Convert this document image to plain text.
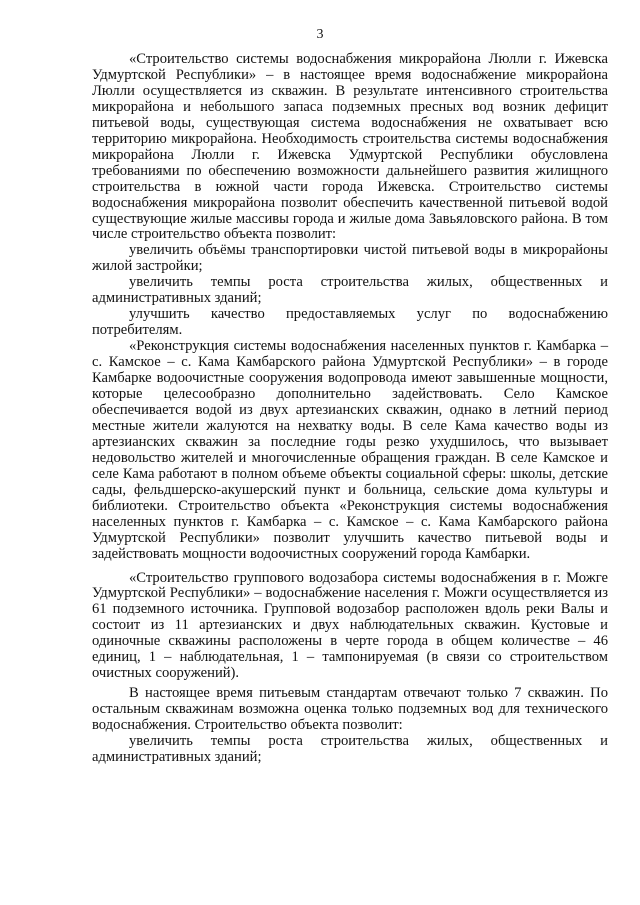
3

«Строительство системы водоснабжения микрорайона Люлли г. Ижевска Удмуртской Республики» – в настоящее время водоснабжение микрорайона Люлли осуществляется из скважин. В результате интенсивного строительства микрорайона и небольшого запаса подземных пресных вод возник дефицит питьевой воды, существующая система водоснабжения не охватывает всю территорию микрорайона. Необходимость строительства системы водоснабжения микрорайона Люлли г. Ижевска Удмуртской Республики обусловлена требованиями по обеспечению возможности дальнейшего развития жилищного строительства в южной части города Ижевска. Строительство системы водоснабжения микрорайона позволит обеспечить качественной питьевой водой существующие жилые массивы города и жилые дома Завьяловского района. В том числе строительство объекта позволит:

увеличить объёмы транспортировки чистой питьевой воды в микрорайоны жилой застройки;

увеличить темпы роста строительства жилых, общественных и административных зданий;

улучшить качество предоставляемых услуг по водоснабжению потребителям.

«Реконструкция системы водоснабжения населенных пунктов г. Камбарка – с. Камское – с. Кама Камбарского района Удмуртской Республики» – в городе Камбарке водоочистные сооружения водопровода имеют завышенные мощности, которые целесообразно дополнительно задействовать. Село Камское обеспечивается водой из двух артезианских скважин, однако в летний период местные жители жалуются на нехватку воды. В селе Кама качество воды из артезианских скважин за последние годы резко ухудшилось, что вызывает недовольство жителей и многочисленные обращения граждан. В селе Камское и селе Кама работают в полном объеме объекты социальной сферы: школы, детские сады, фельдшерско-акушерский пункт и больница, сельские дома культуры и библиотеки. Строительство объекта «Реконструкция системы водоснабжения населенных пунктов г. Камбарка – с. Камское – с. Кама Камбарского района Удмуртской Республики» позволит улучшить качество питьевой воды и задействовать мощности водоочистных сооружений города Камбарки.

«Строительство группового водозабора системы водоснабжения в г. Можге Удмуртской Республики» – водоснабжение населения г. Можги осуществляется из 61 подземного источника. Групповой водозабор расположен вдоль реки Валы и состоит из 11 артезианских и двух наблюдательных скважин. Кустовые и одиночные скважины расположены в черте города в общем количестве – 46 единиц, 1 – наблюдательная, 1 – тампонируемая (в связи со строительством очистных сооружений).

В настоящее время питьевым стандартам отвечают только 7 скважин. По остальным скважинам возможна оценка только подземных вод для технического водоснабжения. Строительство объекта позволит:

увеличить темпы роста строительства жилых, общественных и административных зданий;
